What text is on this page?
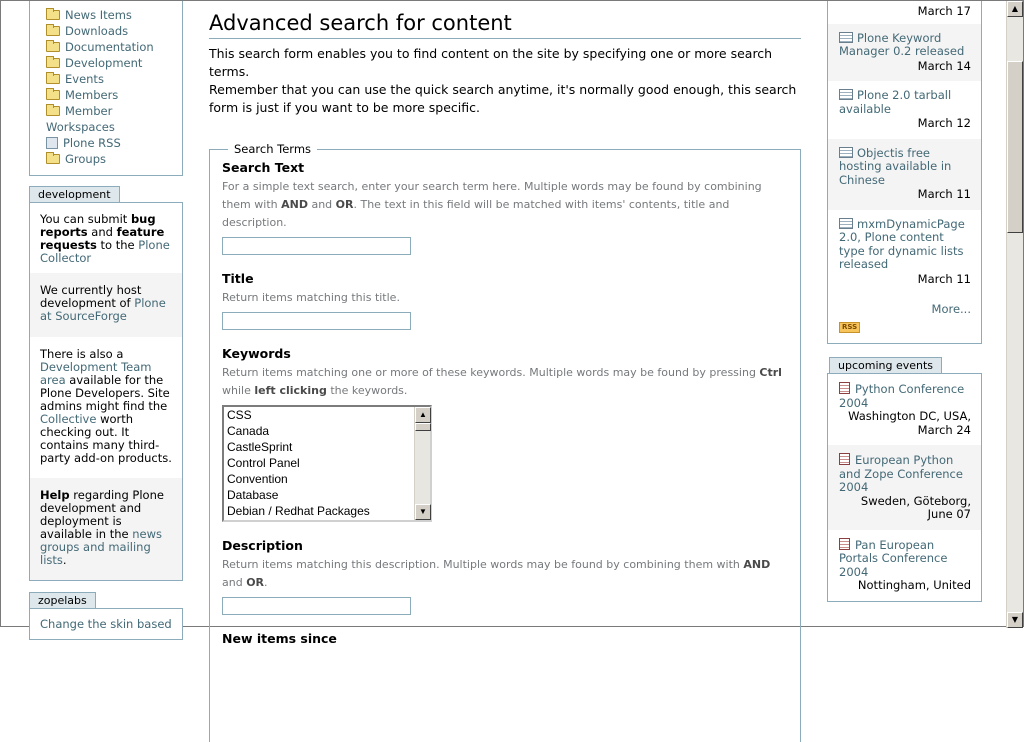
News Items
Downloads
Documentation
Development
Events
Members
Member Workspaces
Plone RSS
Groups
development
You can submit bug reports and feature requests to the Plone Collector
We currently host development of Plone at SourceForge
There is also a Development Team area available for the Plone Developers. Site admins might find the Collective worth checking out. It contains many third-party add-on products.
Help regarding Plone development and deployment is available in the news groups and mailing lists.
zopelabs
Change the skin based
Advanced search for content

This search form enables you to find content on the site by specifying one or more search terms.

Remember that you can use the quick search anytime, it's normally good enough, this search form is just if you want to be more specific.

Search Terms
Search Text
For a simple text search, enter your search term here. Multiple words may be found by combining them with AND and OR. The text in this field will be matched with items' contents, title and description.
Title
Return items matching this title.
Keywords
Return items matching one or more of these keywords. Multiple words may be found by pressing Ctrl while left clicking the keywords.
CSS
Canada
CastleSprint
Control Panel
Convention
Database
Debian / Redhat Packages
▲
▼
Description
Return items matching this description. Multiple words may be found by combining them with AND and OR.
New items since
March 17
Plone Keyword Manager 0.2 released
March 14
Plone 2.0 tarball available
March 12
Objectis free hosting available in Chinese
March 11
mxmDynamicPage 2.0, Plone content type for dynamic lists released
March 11
More...
RSS
upcoming events
Python Conference 2004
Washington DC, USA,
March 24
European Python and Zope Conference 2004
Sweden, Göteborg,
June 07
Pan European Portals Conference 2004
Nottingham, United
▲
▼
